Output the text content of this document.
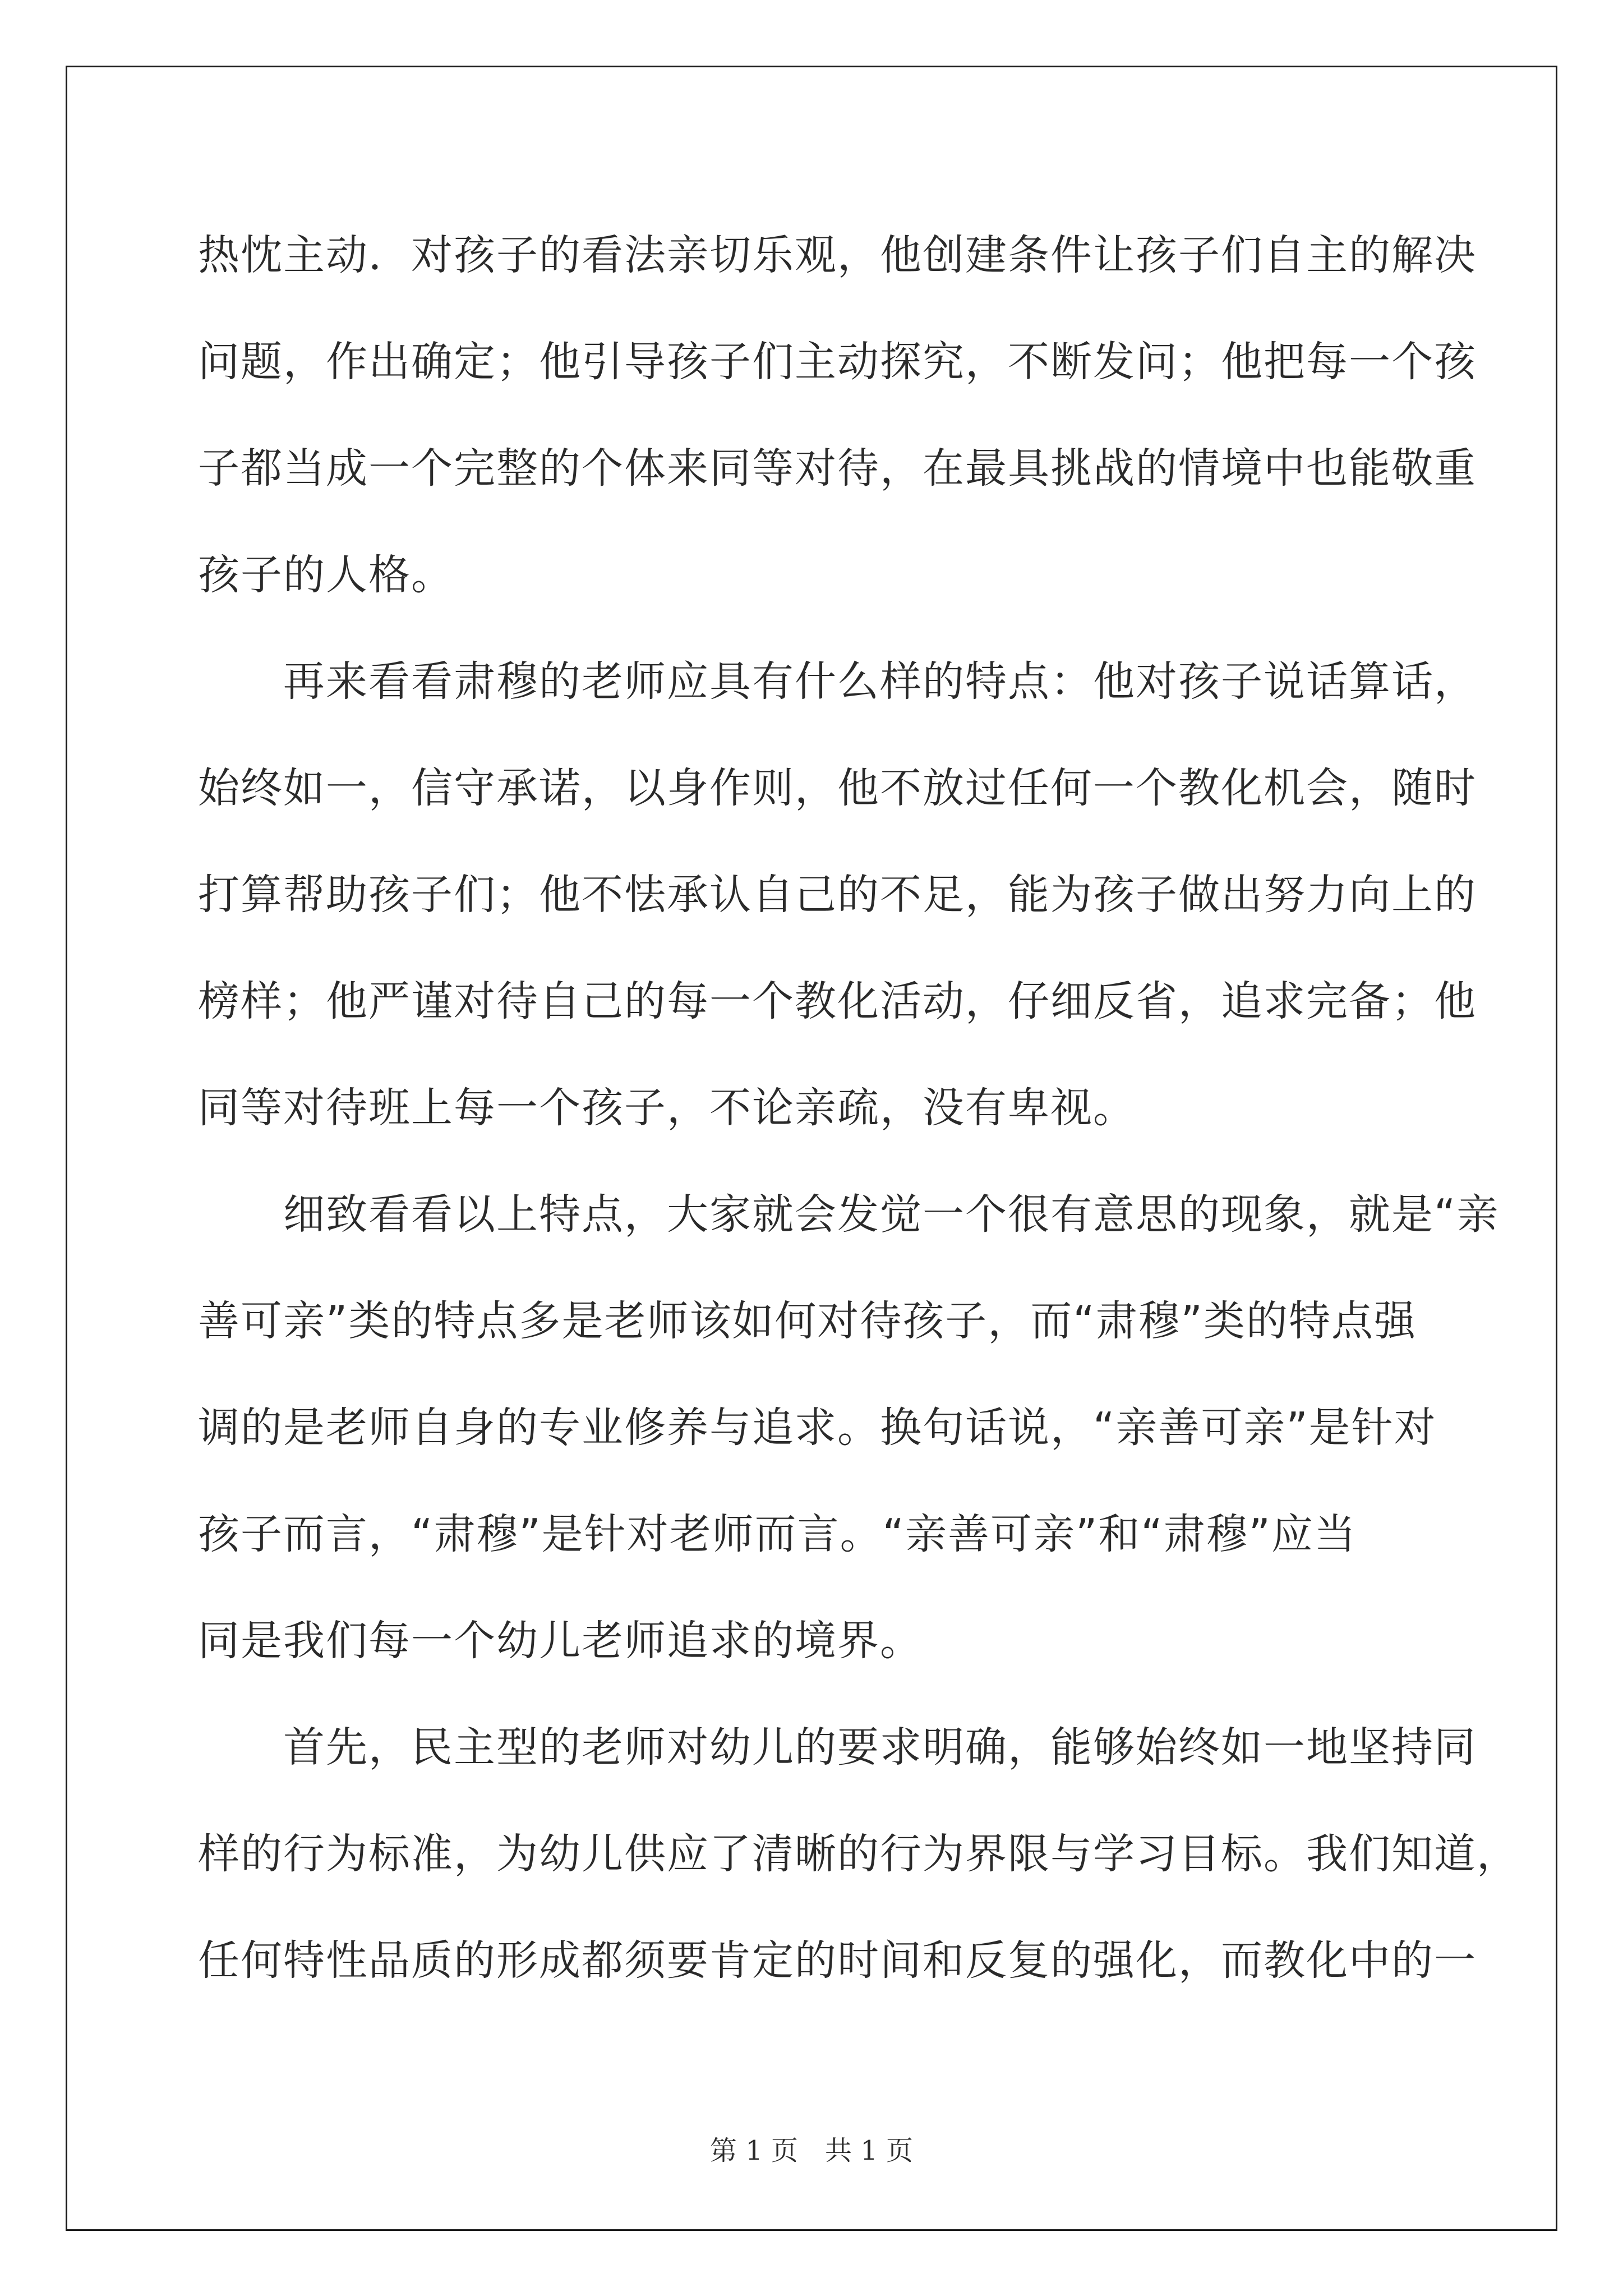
热忱主动．对孩子的看法亲切乐观，他创建条件让孩子们自主的解决
问题，作出确定；他引导孩子们主动探究，不断发问；他把每一个孩
子都当成一个完整的个体来同等对待，在最具挑战的情境中也能敬重
孩子的人格。
　　再来看看肃穆的老师应具有什么样的特点：他对孩子说话算话，
始终如一，信守承诺，以身作则，他不放过任何一个教化机会，随时
打算帮助孩子们；他不怯承认自己的不足，能为孩子做出努力向上的
榜样；他严谨对待自己的每一个教化活动，仔细反省，追求完备；他
同等对待班上每一个孩子，不论亲疏，没有卑视。
　　细致看看以上特点，大家就会发觉一个很有意思的现象，就是“亲
善可亲”类的特点多是老师该如何对待孩子，而“肃穆”类的特点强
调的是老师自身的专业修养与追求。换句话说，“亲善可亲”是针对
孩子而言，“肃穆”是针对老师而言。“亲善可亲”和“肃穆”应当
同是我们每一个幼儿老师追求的境界。
　　首先，民主型的老师对幼儿的要求明确，能够始终如一地坚持同
样的行为标准，为幼儿供应了清晰的行为界限与学习目标。我们知道，
任何特性品质的形成都须要肯定的时间和反复的强化，而教化中的一
第 1 页 共 1 页
